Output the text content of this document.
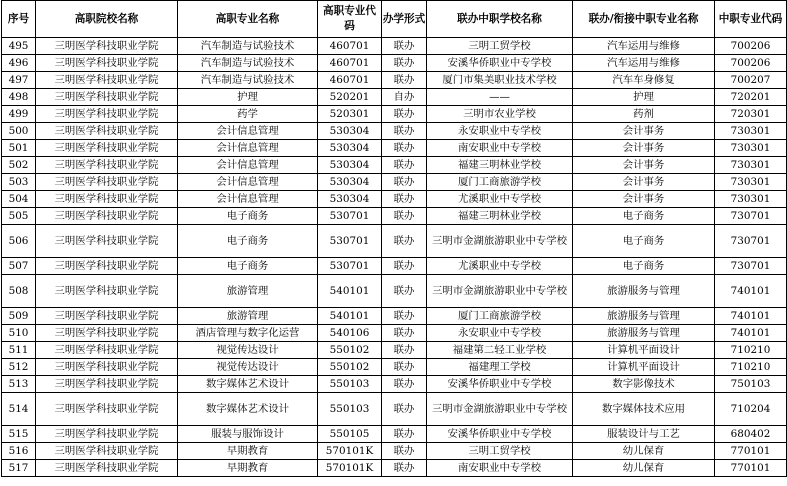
序号	高职院校名称	高职专业名称	高职专业代码	办学形式	联办中职学校名称	联办/衔接中职专业名称	中职专业代码
495	三明医学科技职业学院	汽车制造与试验技术	460701	联办	三明工贸学校	汽车运用与维修	700206
496	三明医学科技职业学院	汽车制造与试验技术	460701	联办	安溪华侨职业中专学校	汽车运用与维修	700206
497	三明医学科技职业学院	汽车制造与试验技术	460701	联办	厦门市集美职业技术学校	汽车车身修复	700207
498	三明医学科技职业学院	护理	520201	自办	——	护理	720201
499	三明医学科技职业学院	药学	520301	联办	三明市农业学校	药剂	720301
500	三明医学科技职业学院	会计信息管理	530304	联办	永安职业中专学校	会计事务	730301
501	三明医学科技职业学院	会计信息管理	530304	联办	南安职业中专学校	会计事务	730301
502	三明医学科技职业学院	会计信息管理	530304	联办	福建三明林业学校	会计事务	730301
503	三明医学科技职业学院	会计信息管理	530304	联办	厦门工商旅游学校	会计事务	730301
504	三明医学科技职业学院	会计信息管理	530304	联办	尤溪职业中专学校	会计事务	730301
505	三明医学科技职业学院	电子商务	530701	联办	福建三明林业学校	电子商务	730701
506	三明医学科技职业学院	电子商务	530701	联办	三明市金湖旅游职业中专学校	电子商务	730701
507	三明医学科技职业学院	电子商务	530701	联办	尤溪职业中专学校	电子商务	730701
508	三明医学科技职业学院	旅游管理	540101	联办	三明市金湖旅游职业中专学校	旅游服务与管理	740101
509	三明医学科技职业学院	旅游管理	540101	联办	厦门工商旅游学校	旅游服务与管理	740101
510	三明医学科技职业学院	酒店管理与数字化运营	540106	联办	永安职业中专学校	旅游服务与管理	740101
511	三明医学科技职业学院	视觉传达设计	550102	联办	福建第二轻工业学校	计算机平面设计	710210
512	三明医学科技职业学院	视觉传达设计	550102	联办	福建理工学校	计算机平面设计	710210
513	三明医学科技职业学院	数字媒体艺术设计	550103	联办	安溪华侨职业中专学校	数字影像技术	750103
514	三明医学科技职业学院	数字媒体艺术设计	550103	联办	三明市金湖旅游职业中专学校	数字媒体技术应用	710204
515	三明医学科技职业学院	服装与服饰设计	550105	联办	安溪华侨职业中专学校	服装设计与工艺	680402
516	三明医学科技职业学院	早期教育	570101K	联办	三明工贸学校	幼儿保育	770101
517	三明医学科技职业学院	早期教育	570101K	联办	南安职业中专学校	幼儿保育	770101
